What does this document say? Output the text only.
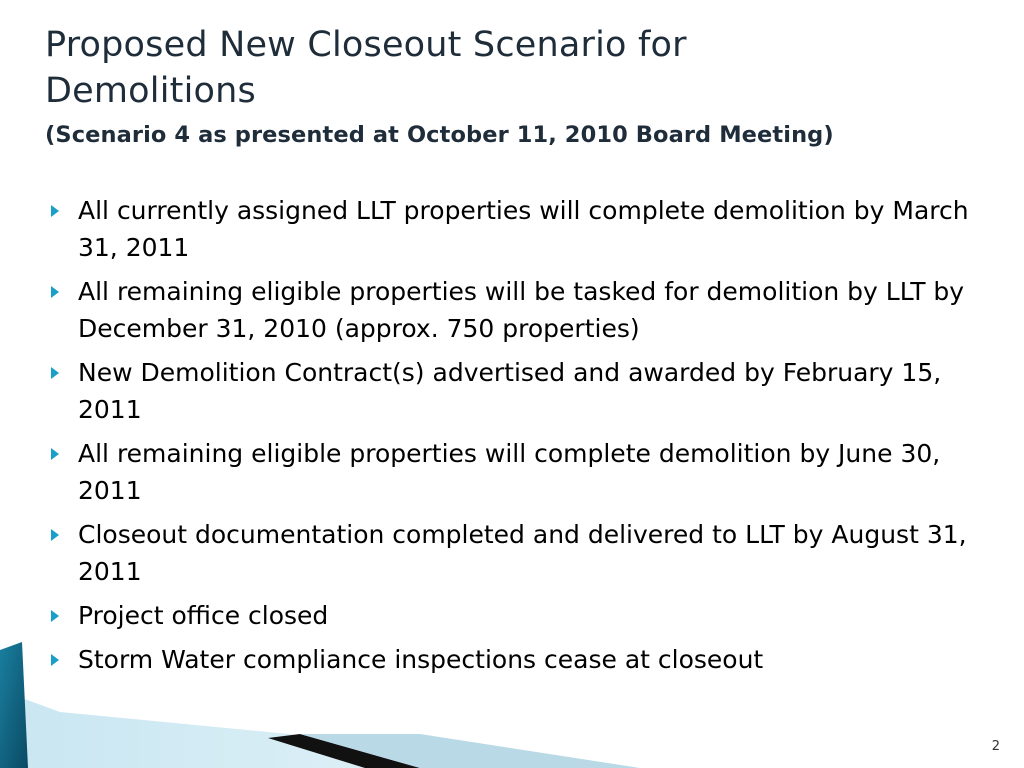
Proposed New Closeout Scenario for
Demolitions
(Scenario 4 as presented at October 11, 2010 Board Meeting)
All currently assigned LLT properties will complete demolition by March 31, 2011
All remaining eligible properties will be tasked for demolition by LLT by December 31, 2010 (approx. 750 properties)
New Demolition Contract(s) advertised and awarded by February 15, 2011
All remaining eligible properties will complete demolition by June 30, 2011
Closeout documentation completed and delivered to LLT by August 31, 2011
Project office closed
Storm Water compliance inspections cease at closeout
2
